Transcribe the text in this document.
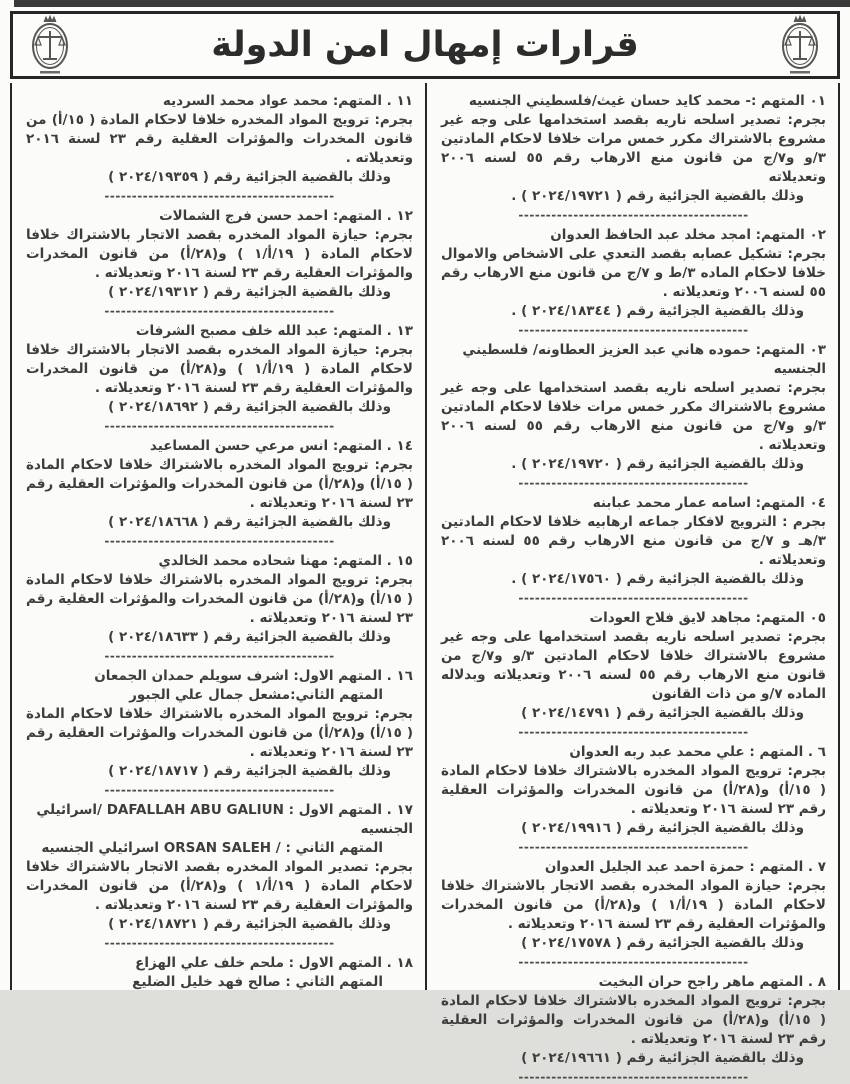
قرارات إمهال امن الدولة
٠١ المتهم :- محمد كايد حسان غيث/فلسطيني الجنسيه
بجرم: تصدير اسلحه ناريه بقصد استخدامها على وجه غير مشروع بالاشتراك مكرر خمس مرات خلافا لاحكام المادتين ٣/و و٧/ج من قانون منع الارهاب رقم ٥٥ لسنه ٢٠٠٦ وتعديلاته
وذلك بالقضية الجزائية رقم ( ٢٠٢٤/١٩٧٢١ ) .
------------------------------------------
٠٢ المتهم: امجد مخلد عبد الحافظ العدوان
بجرم: تشكيل عصابه بقصد التعدي على الاشخاص والاموال خلافا لاحكام الماده ٣/ط و ٧/ج من قانون منع الارهاب رقم ٥٥ لسنه ٢٠٠٦ وتعديلاته .
وذلك بالقضية الجزائية رقم ( ٢٠٢٤/١٨٣٤٤ ) .
------------------------------------------
٠٣ المتهم: حموده هاني عبد العزيز العطاونه/ فلسطيني الجنسيه
بجرم: تصدير اسلحه ناريه بقصد استخدامها على وجه غير مشروع بالاشتراك مكرر خمس مرات خلافا لاحكام المادتين ٣/و و٧/ج من قانون منع الارهاب رقم ٥٥ لسنه ٢٠٠٦ وتعديلاته .
وذلك بالقضية الجزائية رقم ( ٢٠٢٤/١٩٧٢٠ ) .
------------------------------------------
٠٤ المتهم: اسامه عمار محمد عبابنه
بجرم : الترويج لافكار جماعه ارهابيه خلافا لاحكام المادتين ٣/هـ و ٧/ج من قانون منع الارهاب رقم ٥٥ لسنه ٢٠٠٦ وتعديلاته .
وذلك بالقضية الجزائية رقم ( ٢٠٢٤/١٧٥٦٠ ) .
------------------------------------------
٠٥ المتهم: مجاهد لايق فلاح العودات
بجرم: تصدير اسلحه ناريه بقصد استخدامها على وجه غير مشروع بالاشتراك خلافا لاحكام المادتين ٣/و و٧/ج من قانون منع الارهاب رقم ٥٥ لسنه ٢٠٠٦ وتعديلاته وبدلاله الماده ٧/و من ذات القانون
وذلك بالقضية الجزائية رقم ( ٢٠٢٤/١٤٧٩١ )
------------------------------------------
٦ . المتهم : علي محمد عبد ربه العدوان
بجرم: ترويج المواد المخدره بالاشتراك خلافا لاحكام المادة ( ١٥/أ) و(٢٨/أ) من قانون المخدرات والمؤثرات العقلية رقم ٢٣ لسنة ٢٠١٦ وتعديلاته .
وذلك بالقضية الجزائية رقم ( ٢٠٢٤/١٩٩١٦ )
------------------------------------------
٧ . المتهم : حمزة احمد عبد الجليل العدوان
بجرم: حيازة المواد المخدره بقصد الاتجار بالاشتراك خلافا لاحكام المادة ( ١٩/أ/١ ) و(٢٨/أ) من قانون المخدرات والمؤثرات العقلية رقم ٢٣ لسنة ٢٠١٦ وتعديلاته .
وذلك بالقضية الجزائية رقم ( ٢٠٢٤/١٧٥٧٨ )
------------------------------------------
٨ . المتهم ماهر راجح حران البخيت
بجرم: ترويج المواد المخدره بالاشتراك خلافا لاحكام المادة ( ١٥/أ) و(٢٨/أ) من قانون المخدرات والمؤثرات العقلية رقم ٢٣ لسنة ٢٠١٦ وتعديلاته .
وذلك بالقضية الجزائية رقم ( ٢٠٢٤/١٩٦٦١ )
------------------------------------------
١١ . المتهم: محمد عواد محمد السرديه
بجرم: ترويج المواد المخدره خلافا لاحكام المادة ( ١٥/أ) من قانون المخدرات والمؤثرات العقلية رقم ٢٣ لسنة ٢٠١٦ وتعديلاته .
وذلك بالقضية الجزائية رقم ( ٢٠٢٤/١٩٣٥٩ )
------------------------------------------
١٢ . المتهم: احمد حسن فرج الشمالات
بجرم: حيازة المواد المخدره بقصد الاتجار بالاشتراك خلافا لاحكام المادة ( ١٩/أ/١ ) و(٢٨/أ) من قانون المخدرات والمؤثرات العقلية رقم ٢٣ لسنة ٢٠١٦ وتعديلاته .
وذلك بالقضية الجزائية رقم ( ٢٠٢٤/١٩٣١٢ )
------------------------------------------
١٣ . المتهم: عبد الله خلف مصبح الشرفات
بجرم: حيازة المواد المخدره بقصد الاتجار بالاشتراك خلافا لاحكام المادة ( ١٩/أ/١ ) و(٢٨/أ) من قانون المخدرات والمؤثرات العقلية رقم ٢٣ لسنة ٢٠١٦ وتعديلاته .
وذلك بالقضية الجزائية رقم ( ٢٠٢٤/١٨٦٩٢ )
------------------------------------------
١٤ . المتهم: انس مرعي حسن المساعيد
بجرم: ترويج المواد المخدره بالاشتراك خلافا لاحكام المادة ( ١٥/أ) و(٢٨/أ) من قانون المخدرات والمؤثرات العقلية رقم ٢٣ لسنة ٢٠١٦ وتعديلاته .
وذلك بالقضية الجزائية رقم ( ٢٠٢٤/١٨٦٦٨ )
------------------------------------------
١٥ . المتهم: مهنا شحاده محمد الخالدي
بجرم: ترويج المواد المخدره بالاشتراك خلافا لاحكام المادة ( ١٥/أ) و(٢٨/أ) من قانون المخدرات والمؤثرات العقلية رقم ٢٣ لسنة ٢٠١٦ وتعديلاته .
وذلك بالقضية الجزائية رقم ( ٢٠٢٤/١٨٦٣٣ )
------------------------------------------
١٦ . المتهم الاول: اشرف سويلم حمدان الجمعان
المتهم الثاني:مشعل جمال علي الجبور
بجرم: ترويج المواد المخدره بالاشتراك خلافا لاحكام المادة ( ١٥/أ) و(٢٨/أ) من قانون المخدرات والمؤثرات العقلية رقم ٢٣ لسنة ٢٠١٦ وتعديلاته .
وذلك بالقضية الجزائية رقم ( ٢٠٢٤/١٨٧١٧ )
------------------------------------------
١٧ . المتهم الاول : DAFALLAH ABU GALIUN /اسرائيلي الجنسيه
المتهم الثاني : / ORSAN SALEH اسرائيلي الجنسيه
بجرم: تصدير المواد المخدره بقصد الاتجار بالاشتراك خلافا لاحكام المادة ( ١٩/أ/١ ) و(٢٨/أ) من قانون المخدرات والمؤثرات العقلية رقم ٢٣ لسنة ٢٠١٦ وتعديلاته .
وذلك بالقضية الجزائية رقم ( ٢٠٢٤/١٨٧٢١ )
------------------------------------------
١٨ . المتهم الاول : ملحم خلف علي الهزاع
المتهم الثاني : صالح فهد خليل الضليع
